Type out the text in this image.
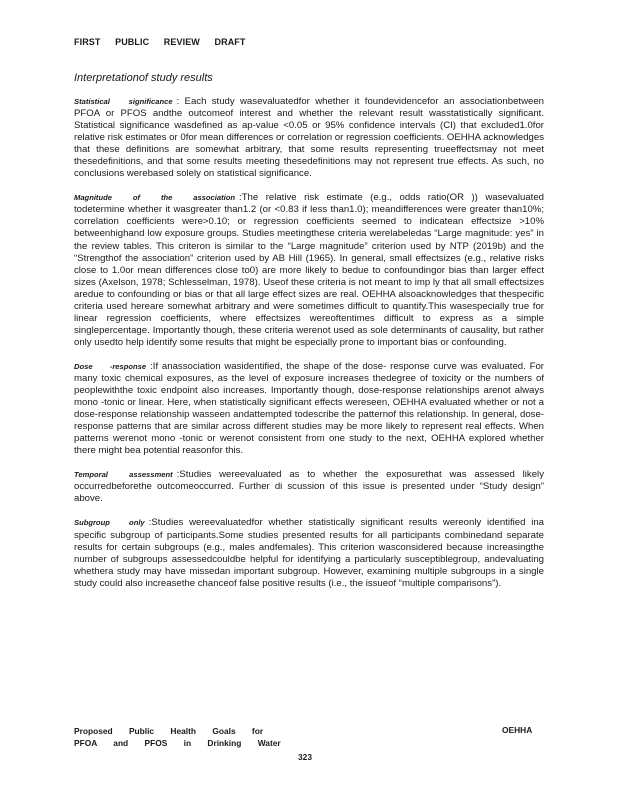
FIRST PUBLIC REVIEW DRAFT
Interpretationof study results

Statistical significance : Each study wasevaluatedfor whether it foundevidencefor an associationbetween PFOA or PFOS andthe outcomeof interest and whether the relevant result wasstatistically significant. Statistical significance wasdefined as ap-value <0.05 or 95% confidence intervals (CI) that excluded1.0for relative risk estimates or 0for mean differences or correlation or regression coefficients. OEHHA acknowledges that these definitions are somewhat arbitrary, that some results representing trueeffectsmay not meet thesedefinitions, and that some results meeting thesedefinitions may not represent true effects. As such, no conclusions werebased solely on statistical significance.

Magnitude of the association :The relative risk estimate (e.g., odds ratio(OR )) wasevaluated todetermine whether it wasgreater than1.2 (or <0.83 if less than1.0); meandifferences were greater than10%; correlation coefficients were>0.10; or regression coefficients seemed to indicatean effectsize >10% betweenhighand low exposure groups. Studies meetingthese criteria werelabeledas “Large magnitude: yes” in the review tables. This criteron is similar to the “Large magnitude” criterion used by NTP (2019b) and the “Strengthof the association” criterion used by AB Hill (1965). In general, small effectsizes (e.g., relative risks close to 1.0or mean differences close to0) are more likely to bedue to confoundingor bias than larger effect sizes (Axelson, 1978; Schlesselman, 1978). Useof these criteria is not meant to imp ly that all small effectsizes aredue to confounding or bias or that all large effect sizes are real. OEHHA alsoacknowledges that thespecific criteria used hereare somewhat arbitrary and were sometimes difficult to quantify.This wasespecially true for linear regression coefficients, where effectsizes wereoftentimes difficult to express as a simple singlepercentage. Importantly though, these criteria werenot used as sole determinants of causality, but rather only usedto help identify some results that might be especially prone to important bias or confounding.

Dose -response :If anassociation wasidentified, the shape of the dose- response curve was evaluated. For many toxic chemical exposures, as the level of exposure increases thedegree of toxicity or the numbers of peoplewiththe toxic endpoint also increases. Importantly though, dose-response relationships arenot always mono -tonic or linear. Here, when statistically significant effects wereseen, OEHHA evaluated whether or not a dose-response relationship wasseen andattempted todescribe the patternof this relationship. In general, dose- response patterns that are similar across different studies may be more likely to represent real effects. When patterns werenot mono -tonic or werenot consistent from one study to the next, OEHHA explored whether there might bea potential reasonfor this.

Temporal assessment :Studies wereevaluated as to whether the exposurethat was assessed likely occurredbeforethe outcomeoccurred. Further di scussion of this issue is presented under “Study design” above.

Subgroup only :Studies wereevaluatedfor whether statistically significant results wereonly identified ina specific subgroup of participants.Some studies presented results for all participants combinedand separate results for certain subgroups (e.g., males andfemales). This criterion wasconsidered because increasingthe number of subgroups assessedcouldbe helpful for identifying a particularly susceptiblegroup, andevaluating whethera study may have missedan important subgroup. However, examining multiple subgroups in a single study could also increasethe chanceof false positive results (i.e., the issueof “multiple comparisons”).

Proposed Public Health Goals for
PFOA and PFOS in Drinking Water
OEHHA
323
